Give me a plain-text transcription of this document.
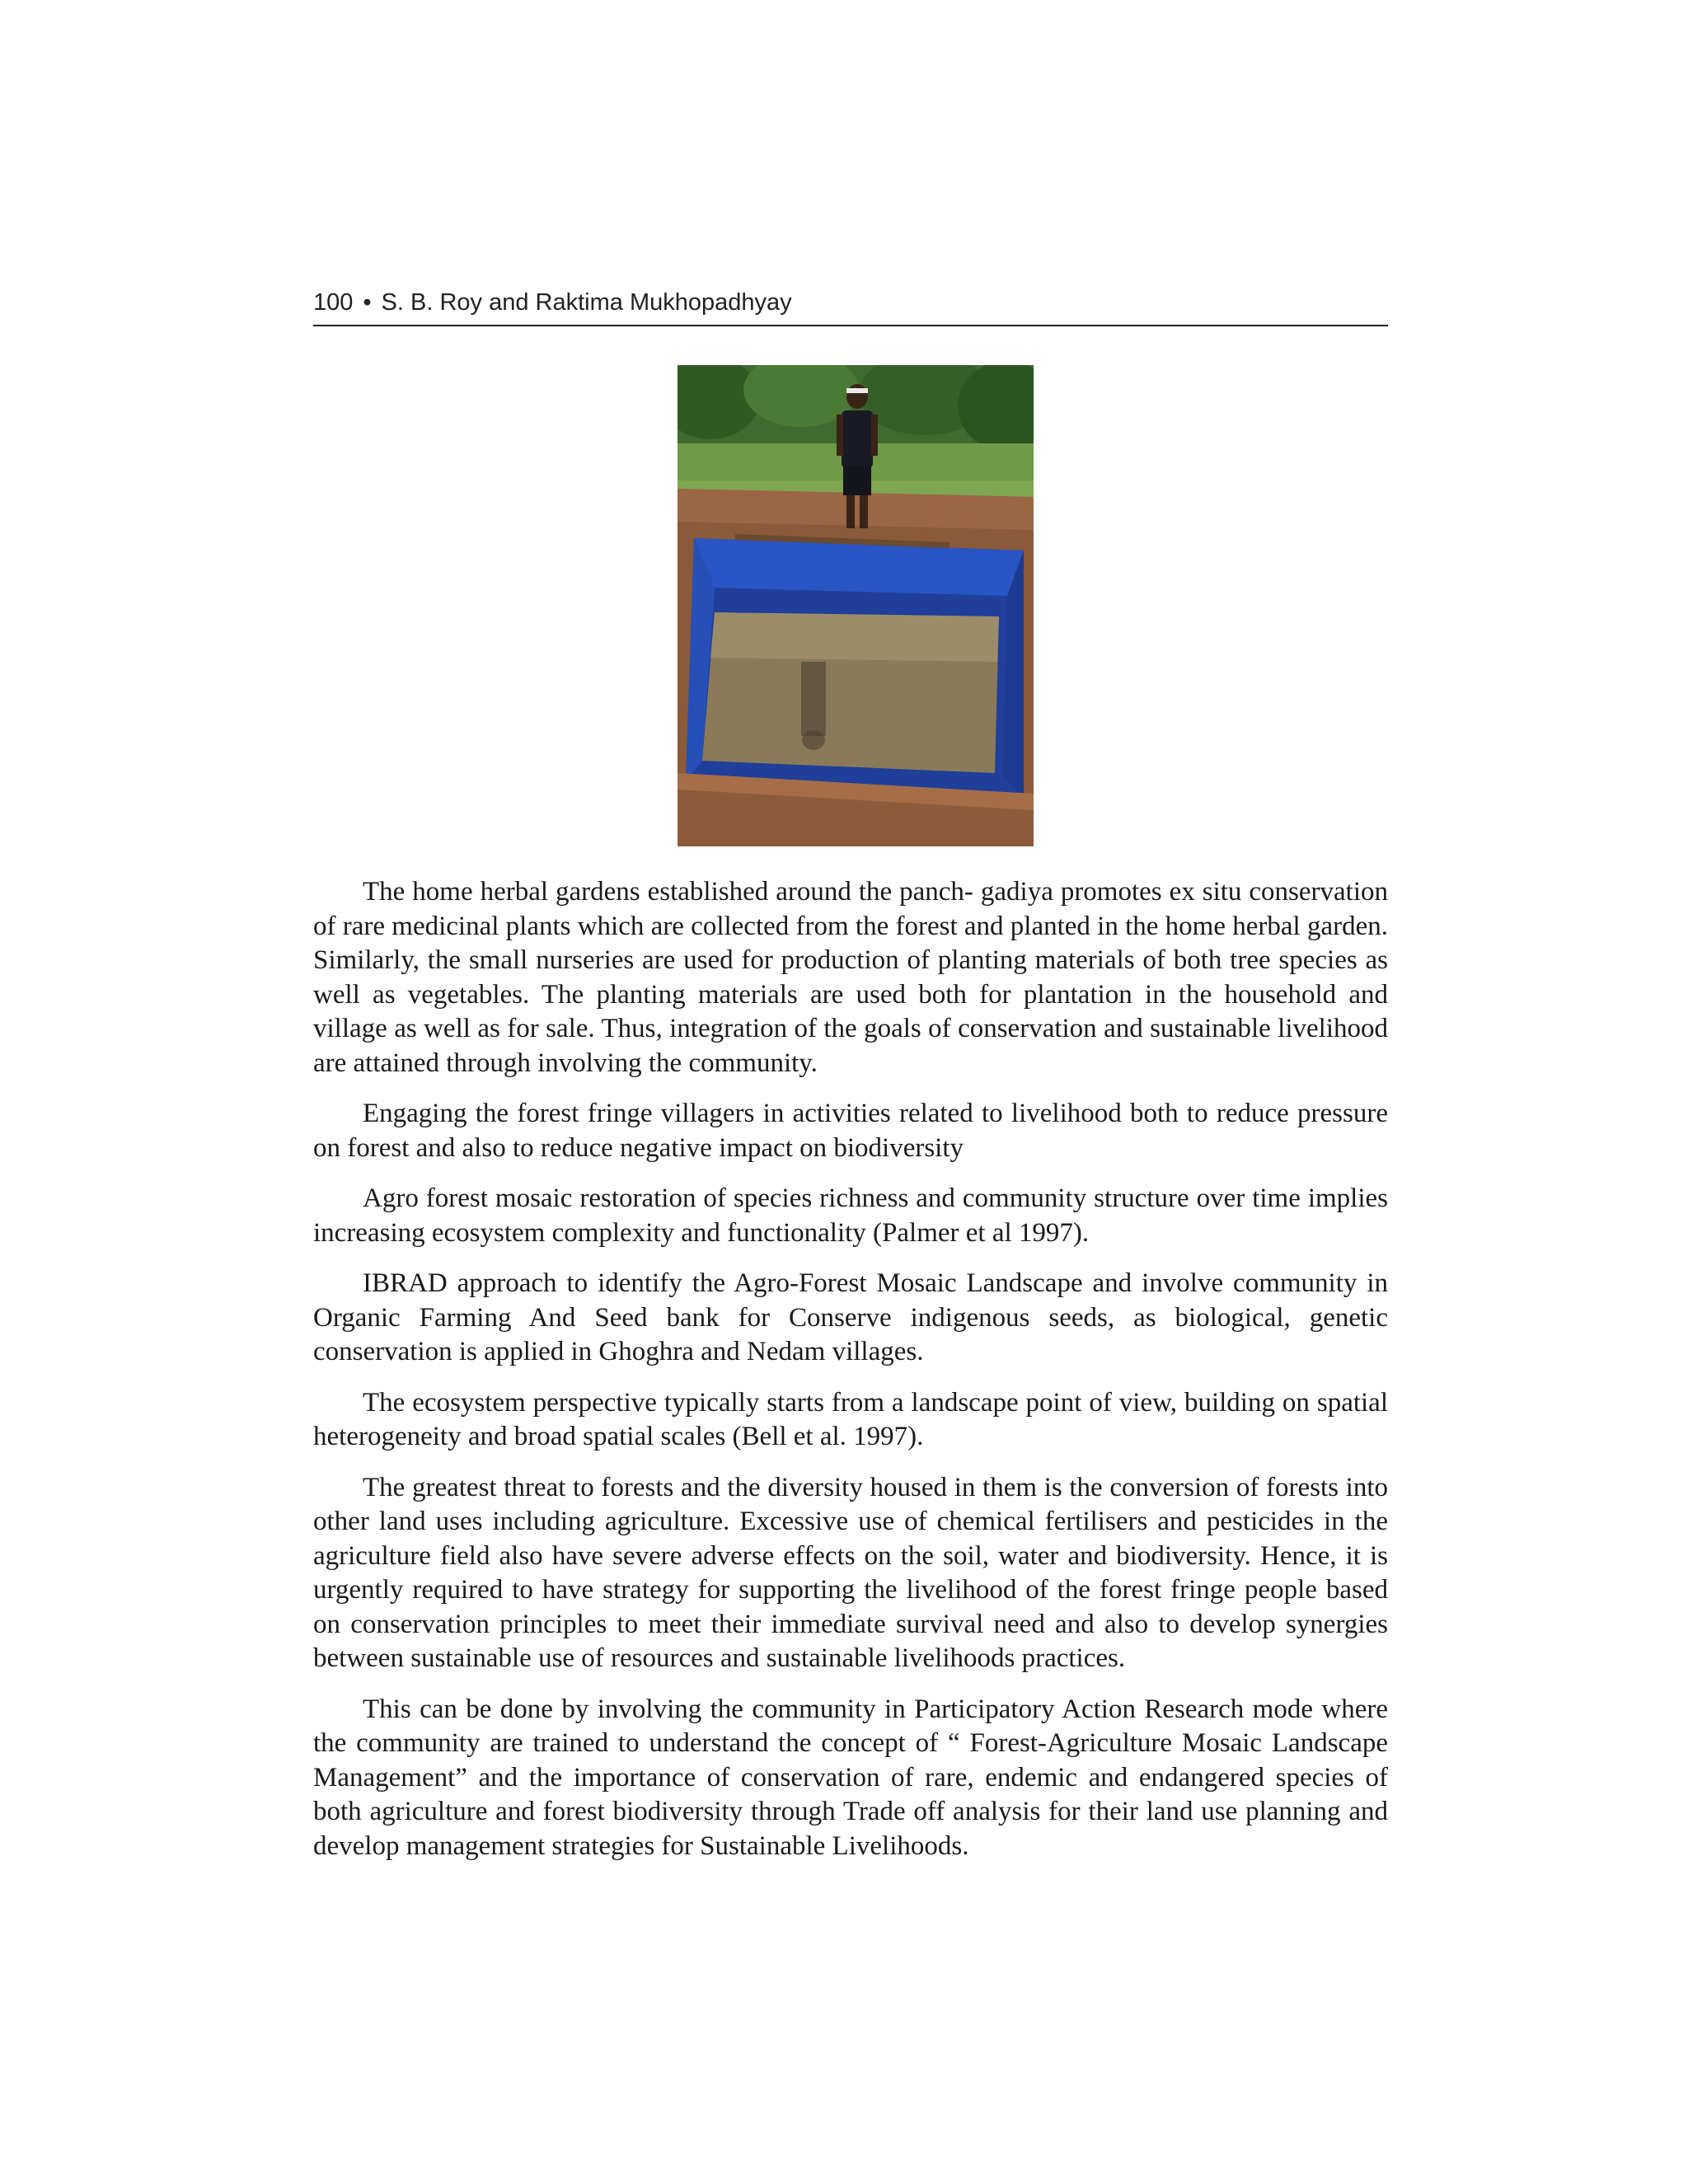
100 • S. B. Roy and Raktima Mukhopadhyay

The home herbal gardens established around the panch- gadiya promotes ex situ conservation of rare medicinal plants which are collected from the forest and planted in the home herbal garden. Similarly, the small nurseries are used for production of planting materials of both tree species as well as vegetables. The planting materials are used both for plantation in the household and village as well as for sale. Thus, integration of the goals of conservation and sustainable livelihood are attained through involving the community.

Engaging the forest fringe villagers in activities related to livelihood both to reduce pressure on forest and also to reduce negative impact on biodiversity

Agro forest mosaic restoration of species richness and community structure over time implies increasing ecosystem complexity and functionality (Palmer et al 1997).

IBRAD approach to identify the Agro-Forest Mosaic Landscape and involve community in Organic Farming And Seed bank for Conserve indigenous seeds, as biological, genetic conservation is applied in Ghoghra and Nedam villages.

The ecosystem perspective typically starts from a landscape point of view, building on spatial heterogeneity and broad spatial scales (Bell et al. 1997).

The greatest threat to forests and the diversity housed in them is the conversion of forests into other land uses including agriculture. Excessive use of chemical fertilisers and pesticides in the agriculture field also have severe adverse effects on the soil, water and biodiversity. Hence, it is urgently required to have strategy for supporting the livelihood of the forest fringe people based on conservation principles to meet their immediate survival need and also to develop synergies between sustainable use of resources and sustainable livelihoods practices.

This can be done by involving the community in Participatory Action Research mode where the community are trained to understand the concept of “ Forest-Agriculture Mosaic Landscape Management” and the importance of conservation of rare, endemic and endangered species of both agriculture and forest biodiversity through Trade off analysis for their land use planning and develop management strategies for Sustainable Livelihoods.
